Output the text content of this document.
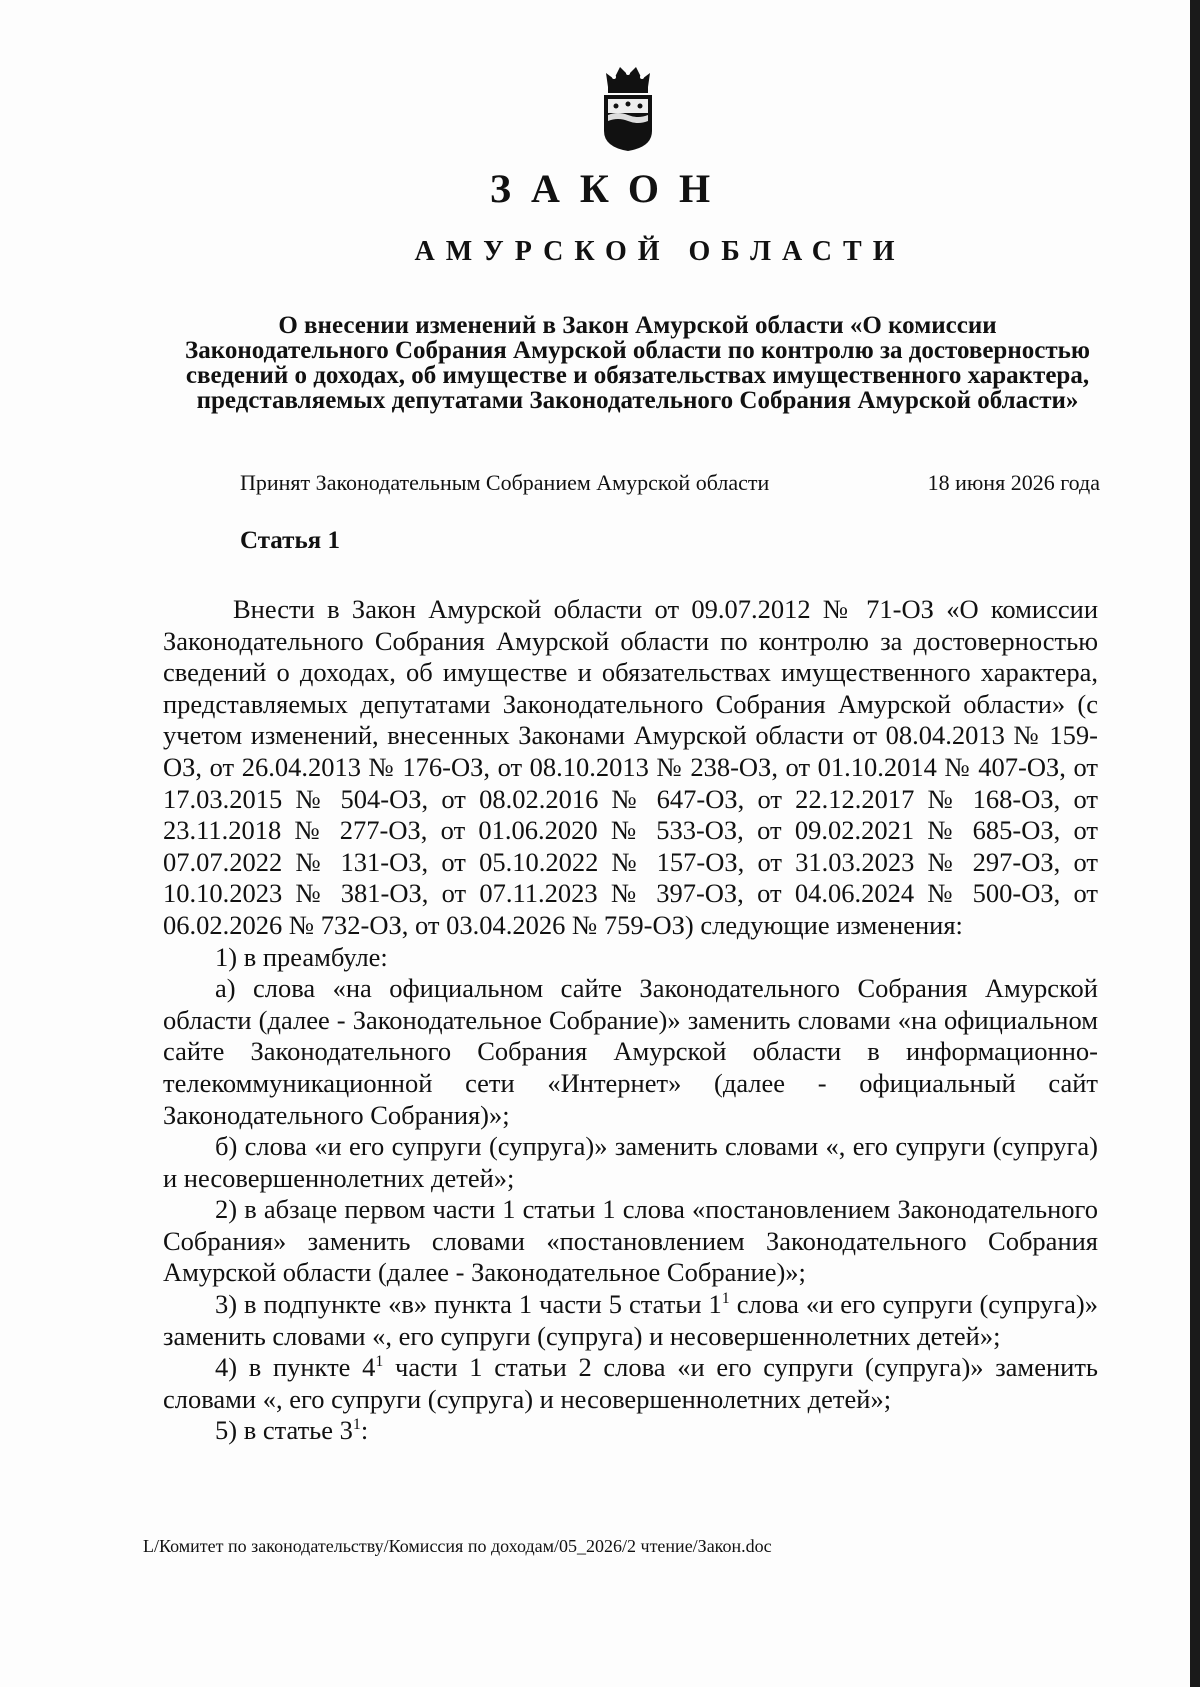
ЗАКОН
АМУРСКОЙ ОБЛАСТИ
О внесении изменений в Закон Амурской области «О комиссии Законодательного Собрания Амурской области по контролю за достоверностью сведений о доходах, об имуществе и обязательствах имущественного характера, представляемых депутатами Законодательного Собрания Амурской области»
Принят Законодательным Собранием Амурской области	18 июня 2026 года
Статья 1

Внести в Закон Амурской области от 09.07.2012 № 71-ОЗ «О комиссии Законодательного Собрания Амурской области по контролю за достоверностью сведений о доходах, об имуществе и обязательствах имущественного характера, представляемых депутатами Законодательного Собрания Амурской области» (с учетом изменений, внесенных Законами Амурской области от 08.04.2013 № 159-ОЗ, от 26.04.2013 № 176-ОЗ, от 08.10.2013 № 238-ОЗ, от 01.10.2014 № 407-ОЗ, от 17.03.2015 № 504-ОЗ, от 08.02.2016 № 647-ОЗ, от 22.12.2017 № 168-ОЗ, от 23.11.2018 № 277-ОЗ, от 01.06.2020 № 533-ОЗ, от 09.02.2021 № 685-ОЗ, от 07.07.2022 № 131-ОЗ, от 05.10.2022 № 157-ОЗ, от 31.03.2023 № 297-ОЗ, от 10.10.2023 № 381-ОЗ, от 07.11.2023 № 397-ОЗ, от 04.06.2024 № 500-ОЗ, от 06.02.2026 № 732-ОЗ, от 03.04.2026 № 759-ОЗ) следующие изменения:

1) в преамбуле:

а) слова «на официальном сайте Законодательного Собрания Амурской области (далее - Законодательное Собрание)» заменить словами «на официальном сайте Законодательного Собрания Амурской области в информационно-телекоммуникационной сети «Интернет» (далее - официальный сайт Законодательного Собрания)»;

б) слова «и его супруги (супруга)» заменить словами «, его супруги (супруга) и несовершеннолетних детей»;

2) в абзаце первом части 1 статьи 1 слова «постановлением Законодательного Собрания» заменить словами «постановлением Законодательного Собрания Амурской области (далее - Законодательное Собрание)»;

3) в подпункте «в» пункта 1 части 5 статьи $1^1$ слова «и его супруги (супруга)» заменить словами «, его супруги (супруга) и несовершеннолетних детей»;

4) в пункте $4^1$ части 1 статьи 2 слова «и его супруги (супруга)» заменить словами «, его супруги (супруга) и несовершеннолетних детей»;

5) в статье $3^1$:

L/Комитет по законодательству/Комиссия по доходам/05_2026/2 чтение/Закон.doc
